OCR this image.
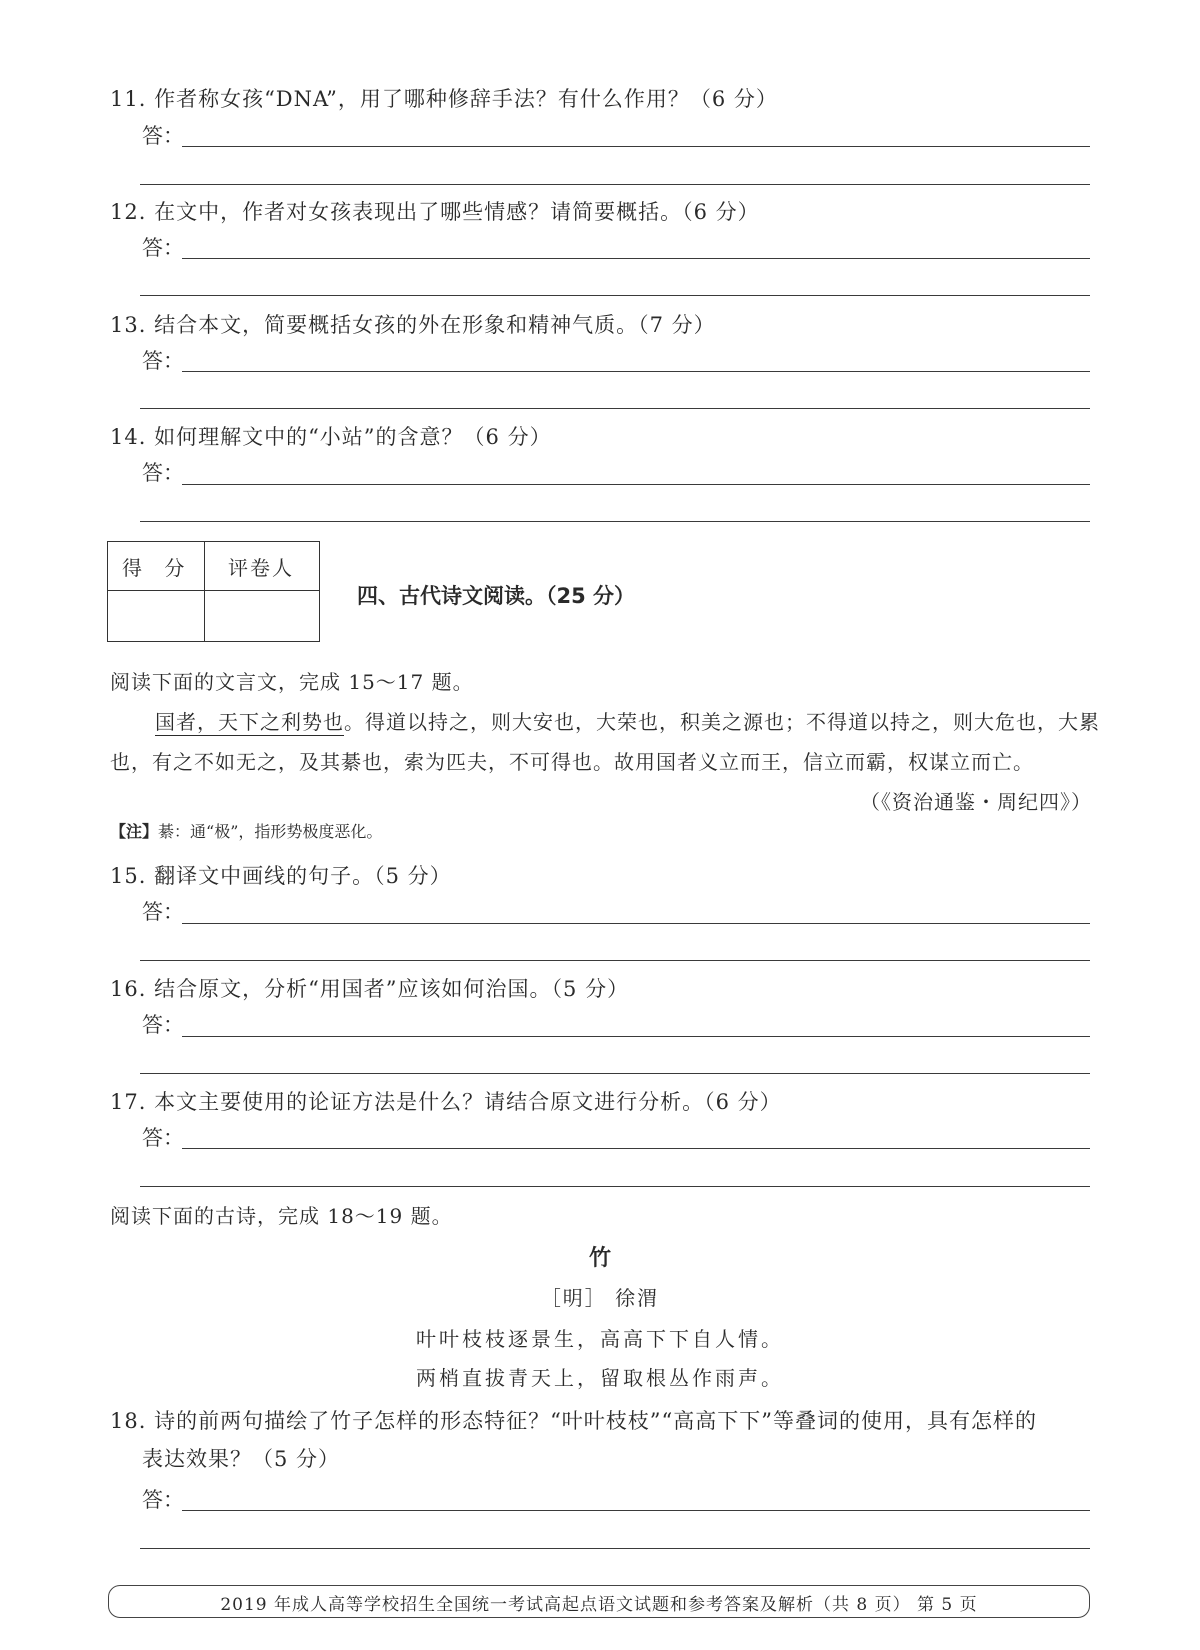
11. 作者称女孩“DNA”，用了哪种修辞手法？有什么作用？（6 分）
答：
12. 在文中，作者对女孩表现出了哪些情感？请简要概括。（6 分）
答：
13. 结合本文，简要概括女孩的外在形象和精神气质。（7 分）
答：
14. 如何理解文中的“小站”的含意？（6 分）
答：
得 分 评卷人
四、古代诗文阅读。（25 分）
阅读下面的文言文，完成 15～17 题。
国者，天下之利势也。得道以持之，则大安也，大荣也，积美之源也；不得道以持之，则大危也，大累
也，有之不如无之，及其綦也，索为匹夫，不可得也。故用国者义立而王，信立而霸，权谋立而亡。
（《资治通鉴・周纪四》）
【注】綦：通“极”，指形势极度恶化。
15. 翻译文中画线的句子。（5 分）
答：
16. 结合原文，分析“用国者”应该如何治国。（5 分）
答：
17. 本文主要使用的论证方法是什么？请结合原文进行分析。（6 分）
答：
阅读下面的古诗，完成 18～19 题。
竹
［明］ 徐渭
叶叶枝枝逐景生，高高下下自人情。
两梢直拔青天上，留取根丛作雨声。
18. 诗的前两句描绘了竹子怎样的形态特征？“叶叶枝枝”“高高下下”等叠词的使用，具有怎样的
表达效果？（5 分）
答：
2019 年成人高等学校招生全国统一考试高起点语文试题和参考答案及解析（共 8 页） 第 5 页
